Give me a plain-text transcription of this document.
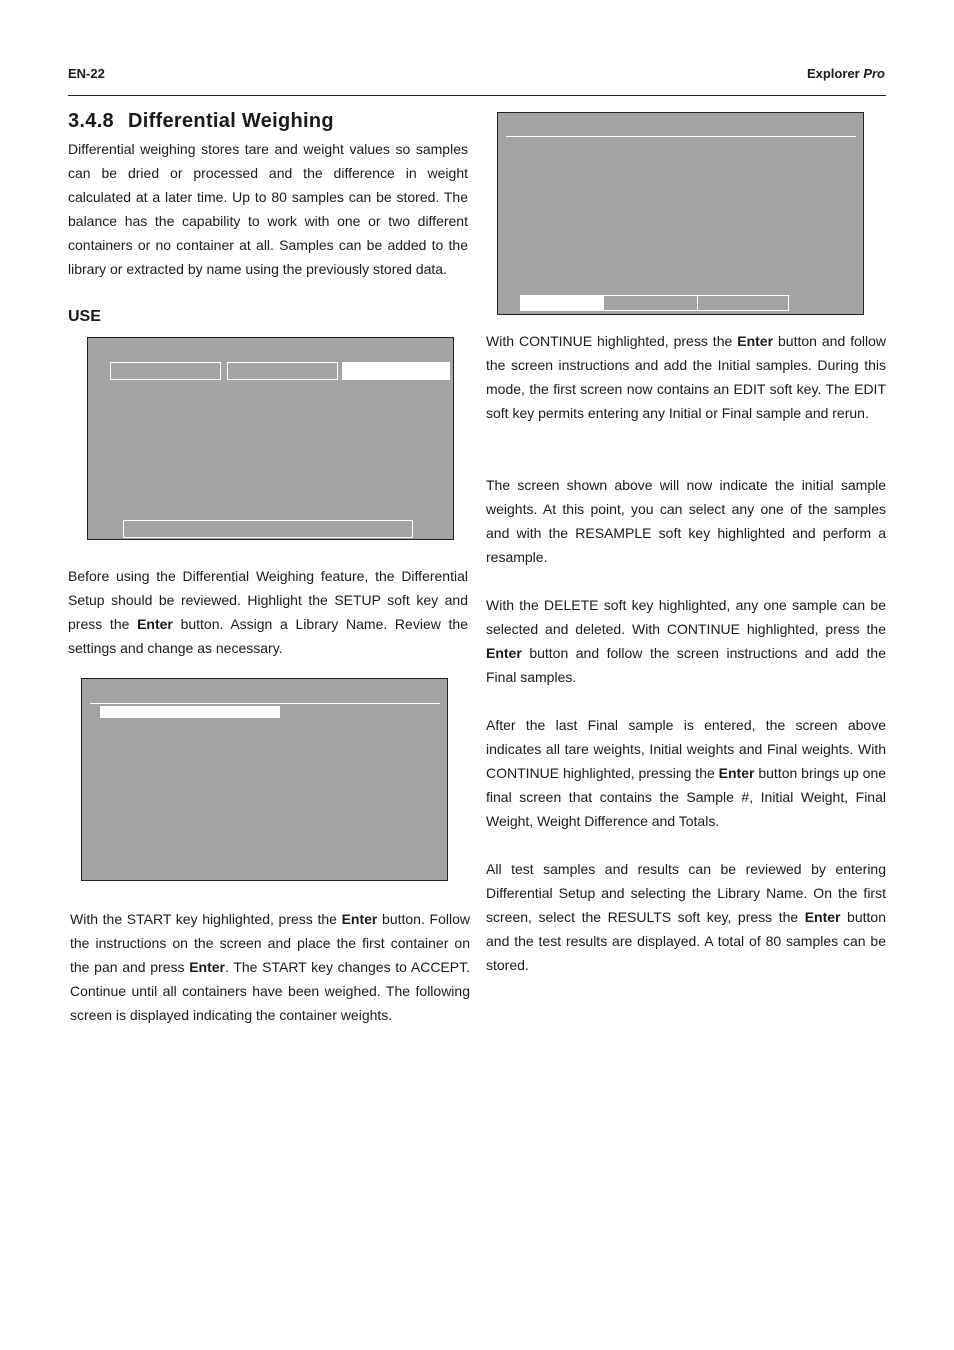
EN-22	Explorer Pro
3.4.8 Differential Weighing

Differential weighing stores tare and weight values so samples can be dried or processed and the difference in weight calculated at a later time. Up to 80 samples can be stored. The balance has the capability to work with one or two different containers or no container at all. Samples can be added to the library or extracted by name using the previously stored data.

USE

Before using the Differential Weighing feature, the Differential Setup should be reviewed. Highlight the SETUP soft key and press the Enter button. Assign a Library Name. Review the settings and change as necessary.

With the START key highlighted, press the Enter button. Follow the instructions on the screen and place the first container on the pan and press Enter. The START key changes to ACCEPT. Continue until all containers have been weighed. The following screen is displayed indicating the container weights.

With CONTINUE highlighted, press the Enter button and follow the screen instructions and add the Initial samples. During this mode, the first screen now contains an EDIT soft key. The EDIT soft key permits entering any Initial or Final sample and rerun.

The screen shown above will now indicate the initial sample weights. At this point, you can select any one of the samples and with the RESAMPLE soft key highlighted and perform a resample.

With the DELETE soft key highlighted, any one sample can be selected and deleted. With CONTINUE highlighted, press the Enter button and follow the screen instructions and add the Final samples.

After the last Final sample is entered, the screen above indicates all tare weights, Initial weights and Final weights. With CONTINUE highlighted, pressing the Enter button brings up one final screen that contains the Sample #, Initial Weight, Final Weight, Weight Difference and Totals.

All test samples and results can be reviewed by entering Differential Setup and selecting the Library Name. On the first screen, select the RESULTS soft key, press the Enter button and the test results are displayed. A total of 80 samples can be stored.
